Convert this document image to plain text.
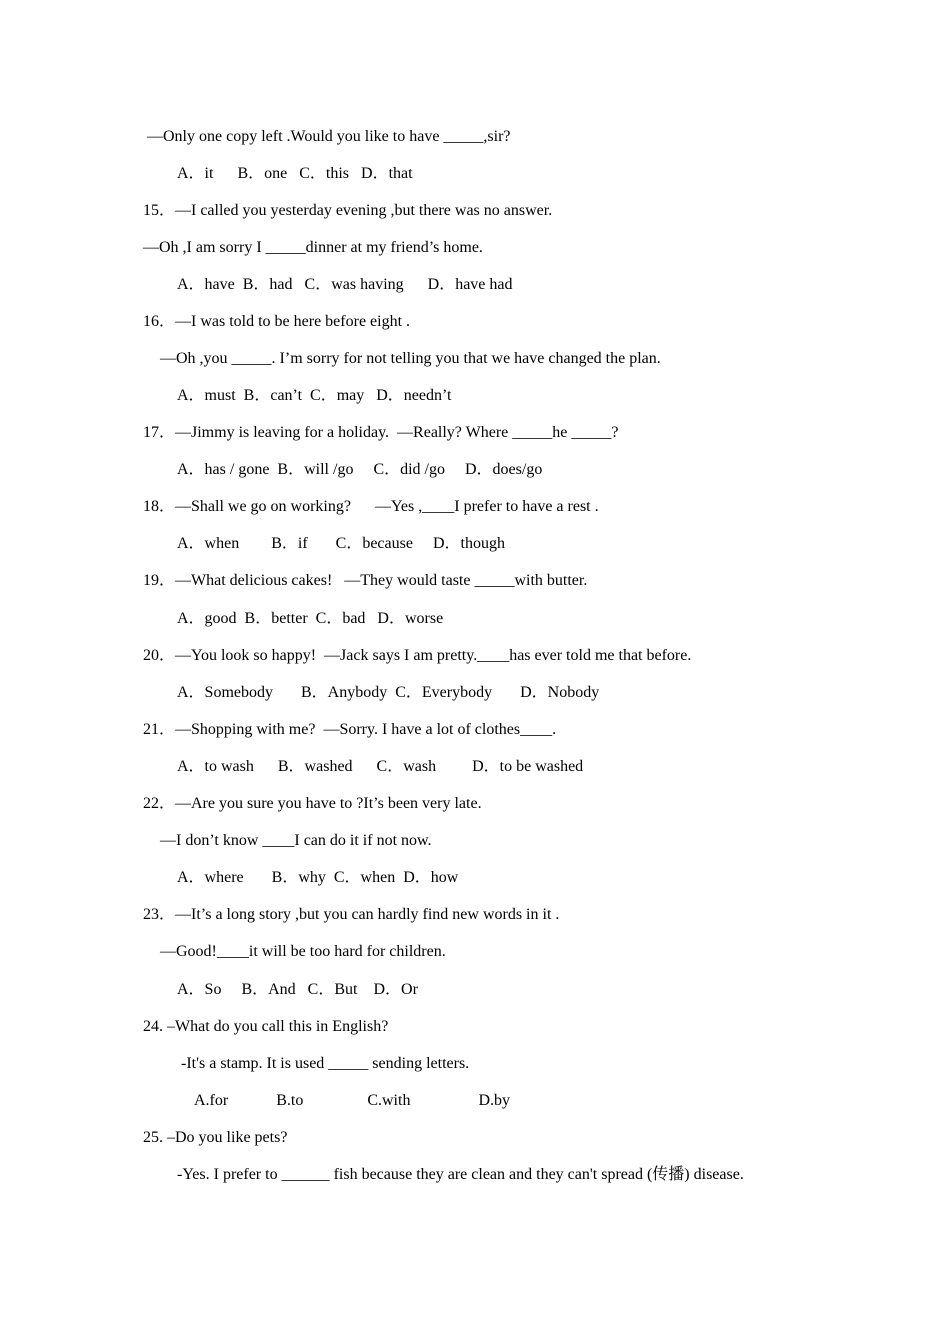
—Only one copy left .Would you like to have _____,sir?
A．it      B．one   C．this   D．that
15．—I called you yesterday evening ,but there was no answer.
—Oh ,I am sorry I _____dinner at my friend’s home.
A．have  B．had   C．was having      D．have had
16．—I was told to be here before eight .
—Oh ,you _____. I’m sorry for not telling you that we have changed the plan.
A．must  B．can’t  C．may   D．needn’t
17．—Jimmy is leaving for a holiday.  —Really? Where _____he _____?
A．has / gone  B．will /go     C．did /go     D．does/go
18．—Shall we go on working?      —Yes ,____I prefer to have a rest .
A．when        B．if       C．because     D．though
19．—What delicious cakes!   —They would taste _____with butter.
A．good  B．better  C．bad   D．worse
20．—You look so happy!  —Jack says I am pretty.____has ever told me that before.
A．Somebody       B．Anybody  C．Everybody       D．Nobody
21．—Shopping with me?  —Sorry. I have a lot of clothes____.
A．to wash      B．washed      C．wash         D．to be washed
22．—Are you sure you have to ?It’s been very late.
—I don’t know ____I can do it if not now.
A．where       B．why  C．when  D．how
23．—It’s a long story ,but you can hardly find new words in it .
—Good!____it will be too hard for children.
A．So     B．And   C．But    D．Or
24. –What do you call this in English?
-It's a stamp. It is used _____ sending letters.
A.for            B.to                C.with                 D.by
25. –Do you like pets?
-Yes. I prefer to ______ fish because they are clean and they can't spread (传播) disease.
